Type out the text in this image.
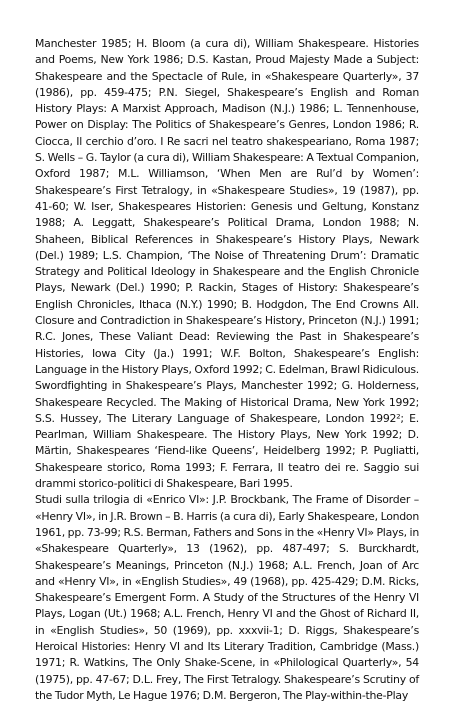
Manchester 1985; H. Bloom (a cura di), William Shakespeare. Histories and Poems, New York 1986; D.S. Kastan, Proud Majesty Made a Subject: Shakespeare and the Spectacle of Rule, in «Shakespeare Quarterly», 37 (1986), pp. 459-475; P.N. Siegel, Shakespeare’s English and Roman History Plays: A Marxist Approach, Madison (N.J.) 1986; L. Tennenhouse, Power on Display: The Politics of Shakespeare’s Genres, London 1986; R. Ciocca, Il cerchio d’oro. I Re sacri nel teatro shakespeariano, Roma 1987; S. Wells – G. Taylor (a cura di), William Shakespeare: A Textual Companion, Oxford 1987; M.L. Williamson, ‘When Men are Rul’d by Women’: Shakespeare’s First Tetralogy, in «Shakespeare Studies», 19 (1987), pp. 41-60; W. Iser, Shakespeares Historien: Genesis und Geltung, Konstanz 1988; A. Leggatt, Shakespeare’s Political Drama, London 1988; N. Shaheen, Biblical References in Shakespeare’s History Plays, Newark (Del.) 1989; L.S. Champion, ‘The Noise of Threatening Drum’: Dramatic Strategy and Political Ideology in Shakespeare and the English Chronicle Plays, Newark (Del.) 1990; P. Rackin, Stages of History: Shakespeare’s English Chronicles, Ithaca (N.Y.) 1990; B. Hodgdon, The End Crowns All. Closure and Contradiction in Shakespeare’s History, Princeton (N.J.) 1991; R.C. Jones, These Valiant Dead: Reviewing the Past in Shakespeare’s Histories, Iowa City (Ja.) 1991; W.F. Bolton, Shakespeare’s English: Language in the History Plays, Oxford 1992; C. Edelman, Brawl Ridiculous. Swordfighting in Shakespeare’s Plays, Manchester 1992; G. Holderness, Shakespeare Recycled. The Making of Historical Drama, New York 1992; S.S. Hussey, The Literary Language of Shakespeare, London 1992²; E. Pearlman, William Shakespeare. The History Plays, New York 1992; D. Märtin, Shakespeares ‘Fiend-like Queens’, Heidelberg 1992; P. Pugliatti, Shakespeare storico, Roma 1993; F. Ferrara, Il teatro dei re. Saggio sui drammi storico-politici di Shakespeare, Bari 1995.

Studi sulla trilogia di «Enrico VI»: J.P. Brockbank, The Frame of Disorder – «Henry VI», in J.R. Brown – B. Harris (a cura di), Early Shakespeare, London 1961, pp. 73-99; R.S. Berman, Fathers and Sons in the «Henry VI» Plays, in «Shakespeare Quarterly», 13 (1962), pp. 487-497; S. Burckhardt, Shakespeare’s Meanings, Princeton (N.J.) 1968; A.L. French, Joan of Arc and «Henry VI», in «English Studies», 49 (1968), pp. 425-429; D.M. Ricks, Shakespeare’s Emergent Form. A Study of the Structures of the Henry VI Plays, Logan (Ut.) 1968; A.L. French, Henry VI and the Ghost of Richard II, in «English Studies», 50 (1969), pp. xxxvii-1; D. Riggs, Shakespeare’s Heroical Histories: Henry VI and Its Literary Tradition, Cambridge (Mass.) 1971; R. Watkins, The Only Shake-Scene, in «Philological Quarterly», 54 (1975), pp. 47-67; D.L. Frey, The First Tetralogy. Shakespeare’s Scrutiny of the Tudor Myth, Le Hague 1976; D.M. Bergeron, The Play-within-the-Play
